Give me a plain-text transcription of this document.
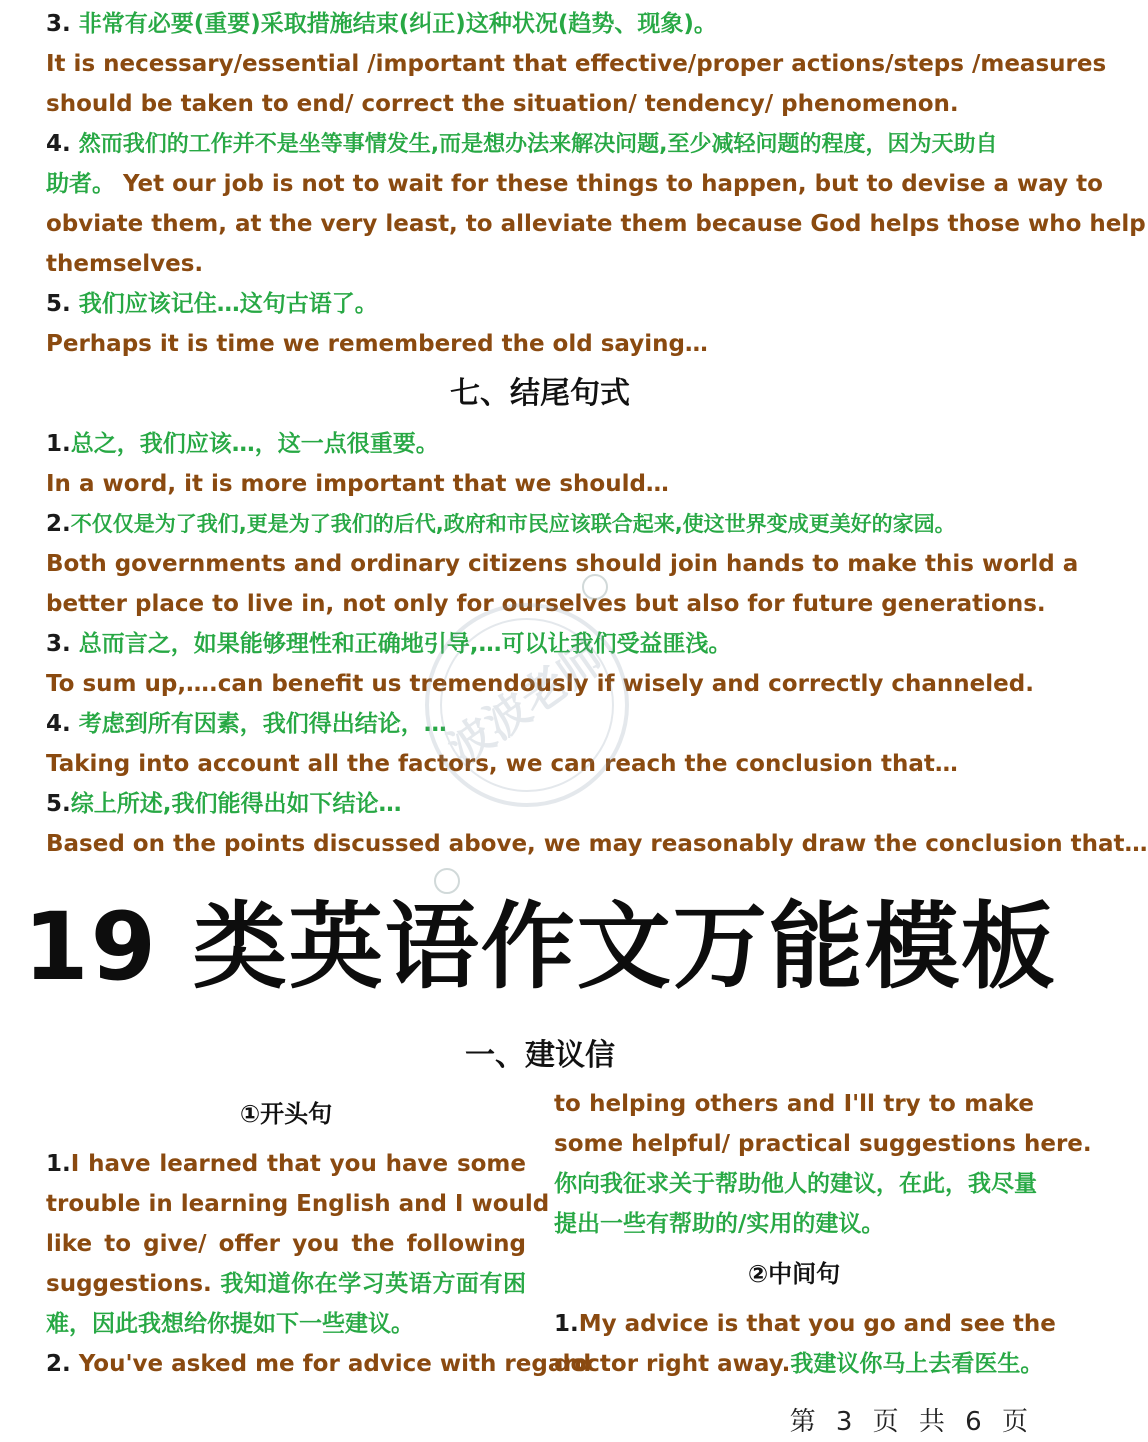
3. 非常有必要(重要)采取措施结束(纠正)这种状况(趋势、现象)。
It is necessary/essential /important that effective/proper actions/steps /measures
should be taken to end/ correct the situation/ tendency/ phenomenon.
4. 然而我们的工作并不是坐等事情发生,而是想办法来解决问题,至少减轻问题的程度，因为天助自
助者。 Yet our job is not to wait for these things to happen, but to devise a way to
obviate them, at the very least, to alleviate them because God helps those who help
themselves.
5. 我们应该记住…这句古语了。
Perhaps it is time we remembered the old saying…
七、结尾句式
1.总之，我们应该…，这一点很重要。
In a word, it is more important that we should…
2.不仅仅是为了我们,更是为了我们的后代,政府和市民应该联合起来,使这世界变成更美好的家园。
Both governments and ordinary citizens should join hands to make this world a
better place to live in, not only for ourselves but also for future generations.
3. 总而言之，如果能够理性和正确地引导,…可以让我们受益匪浅。
To sum up,….can benefit us tremendously if wisely and correctly channeled.
4. 考虑到所有因素，我们得出结论，…
Taking into account all the factors, we can reach the conclusion that…
5.综上所述,我们能得出如下结论…
Based on the points discussed above, we may reasonably draw the conclusion that…
波波老师
19 类英语作文万能模板
一、建议信
①开头句
1.I have learned that you have some
trouble in learning English and I would
like to give/ offer you the following
suggestions. 我知道你在学习英语方面有困
难，因此我想给你提如下一些建议。
2. You've asked me for advice with regard
to helping others and I'll try to make
some helpful/ practical suggestions here.
你向我征求关于帮助他人的建议，在此，我尽量
提出一些有帮助的/实用的建议。
②中间句
1.My advice is that you go and see the
doctor right away.我建议你马上去看医生。
第 3 页 共 6 页
